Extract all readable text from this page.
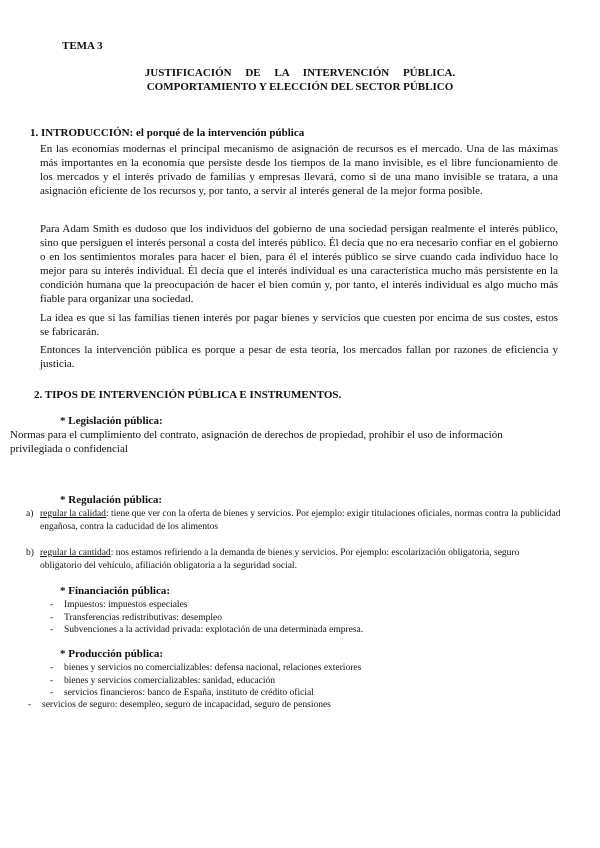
TEMA 3
JUSTIFICACIÓN DE LA INTERVENCIÓN PÚBLICA.
COMPORTAMIENTO Y ELECCIÓN DEL SECTOR PÚBLICO
1. INTRODUCCIÓN: el porqué de la intervención pública

En las economías modernas el principal mecanismo de asignación de recursos es el mercado. Una de las máximas más importantes en la economía que persiste desde los tiempos de la mano invisible, es el libre funcionamiento de los mercados y el interés privado de familias y empresas llevará, como si de una mano invisible se tratara, a una asignación eficiente de los recursos y, por tanto, a servir al interés general de la mejor forma posible.

Para Adam Smith es dudoso que los individuos del gobierno de una sociedad persigan realmente el interés público, sino que persiguen el interés personal a costa del interés público. Él decía que no era necesario confiar en el gobierno o en los sentimientos morales para hacer el bien, para él el interés público se sirve cuando cada individuo hace lo mejor para su interés individual. Él decía que el interés individual es una característica mucho más persistente en la condición humana que la preocupación de hacer el bien común y, por tanto, el interés individual es algo mucho más fiable para organizar una sociedad.

La idea es que si las familias tienen interés por pagar bienes y servicios que cuesten por encima de sus costes, estos se fabricarán.

Entonces la intervención pública es porque a pesar de esta teoría, los mercados fallan por razones de eficiencia y justicia.

2. TIPOS DE INTERVENCIÓN PÚBLICA E INSTRUMENTOS.
* Legislación pública:
Normas para el cumplimiento del contrato, asignación de derechos de propiedad, prohibir el uso de información privilegiada o confidencial
* Regulación pública:
a) regular la calidad: tiene que ver con la oferta de bienes y servicios. Por ejemplo: exigir titulaciones oficiales, normas contra la publicidad engañosa, contra la caducidad de los alimentos
b) regular la cantidad: nos estamos refiriendo a la demanda de bienes y servicios. Por ejemplo: escolarización obligatoria, seguro obligatorio del vehículo, afiliación obligatoria a la seguridad social.
* Financiación pública:
- Impuestos: impuestos especiales
- Transferencias redistributivas: desempleo
- Subvenciones a la actividad privada: explotación de una determinada empresa.
* Producción pública:
- bienes y servicios no comercializables: defensa nacional, relaciones exteriores
- bienes y servicios comercializables: sanidad, educación
- servicios financieros: banco de España, instituto de crédito oficial
- servicios de seguro: desempleo, seguro de incapacidad, seguro de pensiones
